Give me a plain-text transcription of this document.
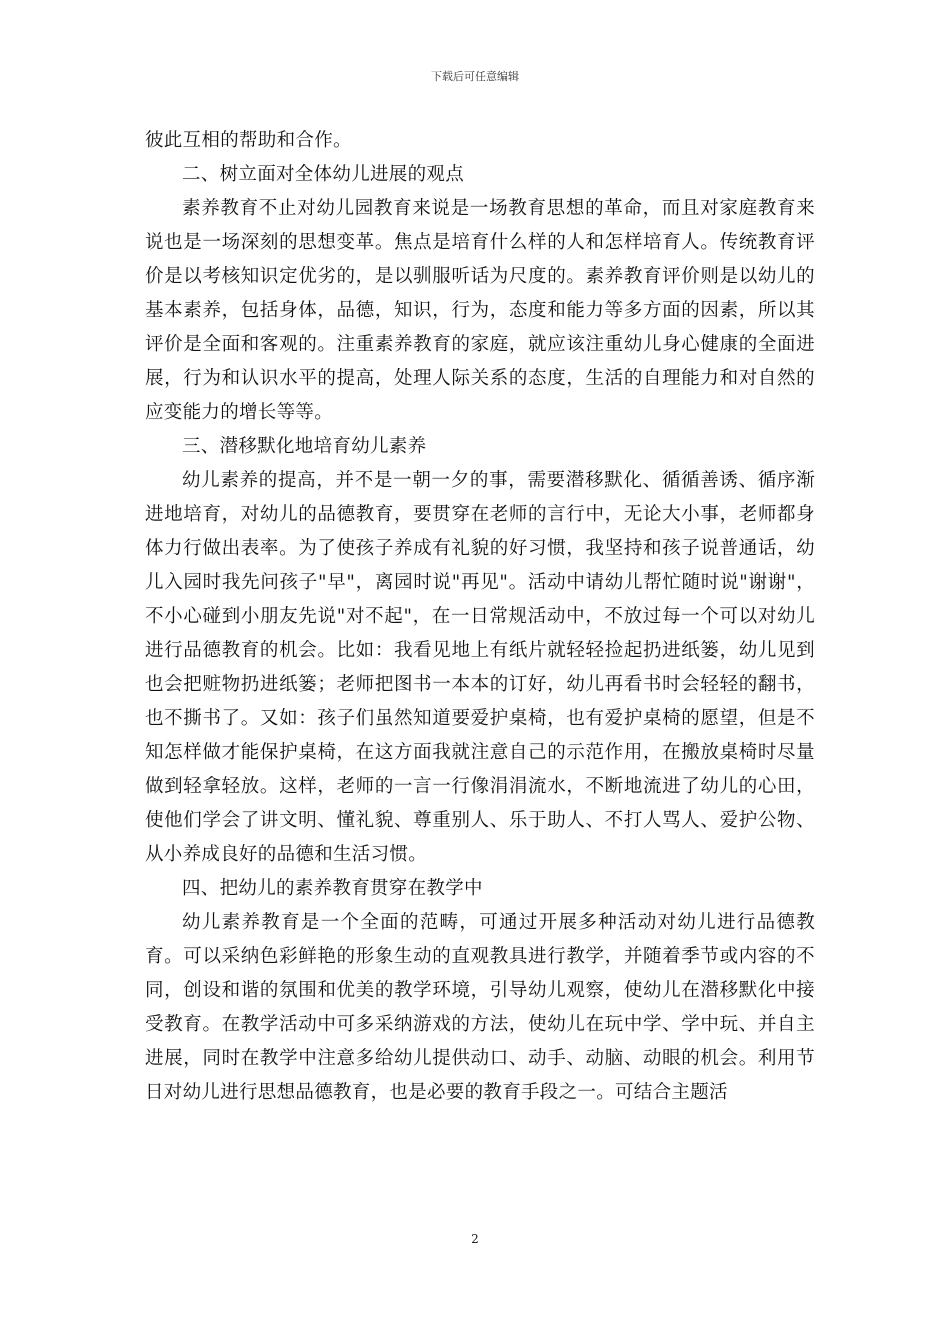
下载后可任意编辑

彼此互相的帮助和合作。

二、树立面对全体幼儿进展的观点

素养教育不止对幼儿园教育来说是一场教育思想的革命，而且对家庭教育来说也是一场深刻的思想变革。焦点是培育什么样的人和怎样培育人。传统教育评价是以考核知识定优劣的，是以驯服听话为尺度的。素养教育评价则是以幼儿的基本素养，包括身体，品德，知识，行为，态度和能力等多方面的因素，所以其评价是全面和客观的。注重素养教育的家庭，就应该注重幼儿身心健康的全面进展，行为和认识水平的提高，处理人际关系的态度，生活的自理能力和对自然的应变能力的增长等等。

三、潜移默化地培育幼儿素养

幼儿素养的提高，并不是一朝一夕的事，需要潜移默化、循循善诱、循序渐进地培育，对幼儿的品德教育，要贯穿在老师的言行中，无论大小事，老师都身体力行做出表率。为了使孩子养成有礼貌的好习惯，我坚持和孩子说普通话，幼儿入园时我先问孩子"早"，离园时说"再见"。活动中请幼儿帮忙随时说"谢谢"，不小心碰到小朋友先说"对不起"，在一日常规活动中，不放过每一个可以对幼儿进行品德教育的机会。比如：我看见地上有纸片就轻轻捡起扔进纸篓，幼儿见到也会把赃物扔进纸篓；老师把图书一本本的订好，幼儿再看书时会轻轻的翻书，也不撕书了。又如：孩子们虽然知道要爱护桌椅，也有爱护桌椅的愿望，但是不知怎样做才能保护桌椅，在这方面我就注意自己的示范作用，在搬放桌椅时尽量做到轻拿轻放。这样，老师的一言一行像涓涓流水，不断地流进了幼儿的心田，使他们学会了讲文明、懂礼貌、尊重别人、乐于助人、不打人骂人、爱护公物、从小养成良好的品德和生活习惯。

四、把幼儿的素养教育贯穿在教学中

幼儿素养教育是一个全面的范畴，可通过开展多种活动对幼儿进行品德教育。可以采纳色彩鲜艳的形象生动的直观教具进行教学，并随着季节或内容的不同，创设和谐的氛围和优美的教学环境，引导幼儿观察，使幼儿在潜移默化中接受教育。在教学活动中可多采纳游戏的方法，使幼儿在玩中学、学中玩、并自主进展，同时在教学中注意多给幼儿提供动口、动手、动脑、动眼的机会。利用节日对幼儿进行思想品德教育，也是必要的教育手段之一。可结合主题活

2
